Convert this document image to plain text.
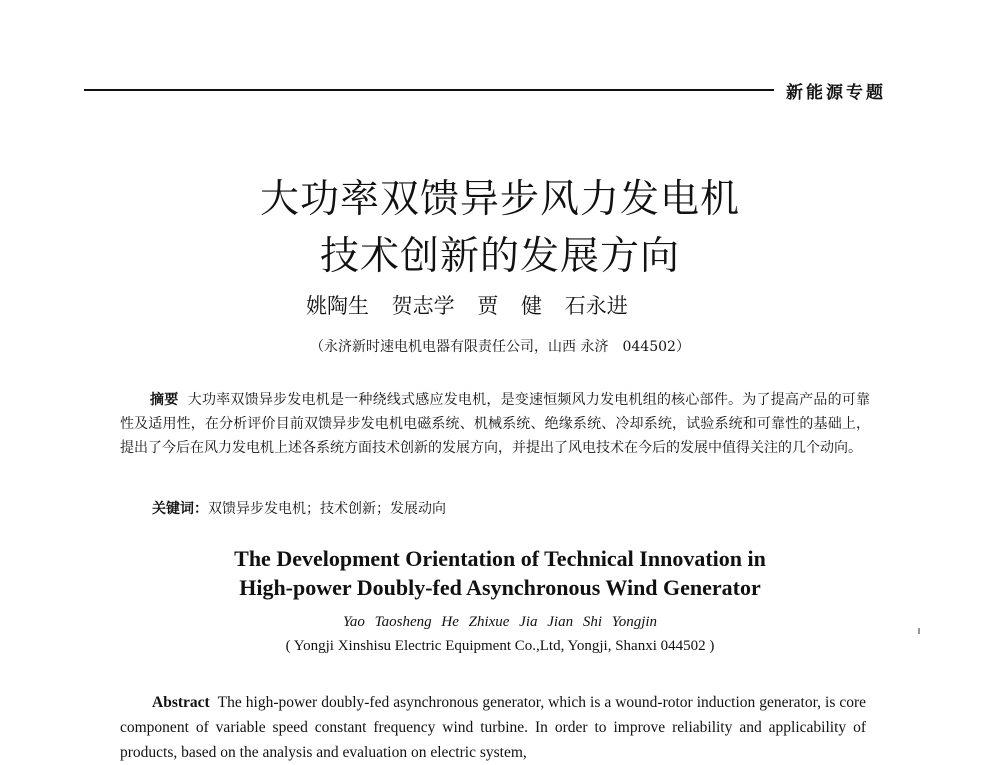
新能源专题
大功率双馈异步风力发电机
技术创新的发展方向
姚陶生 贺志学 贾 健 石永进
（永济新时速电机电器有限责任公司，山西 永济　044502）
摘要 大功率双馈异步发电机是一种绕线式感应发电机，是变速恒频风力发电机组的核心部件。为了提高产品的可靠性及适用性，在分析评价目前双馈异步发电机电磁系统、机械系统、绝缘系统、冷却系统，试验系统和可靠性的基础上，提出了今后在风力发电机上述各系统方面技术创新的发展方向，并提出了风电技术在今后的发展中值得关注的几个动向。
关键词：双馈异步发电机；技术创新；发展动向
The Development Orientation of Technical Innovation in
High-power Doubly-fed Asynchronous Wind Generator
Yao Taosheng He Zhixue Jia Jian Shi Yongjin
( Yongji Xinshisu Electric Equipment Co.,Ltd, Yongji, Shanxi 044502 )
Abstract The high-power doubly-fed asynchronous generator, which is a wound-rotor induction generator, is core component of variable speed constant frequency wind turbine. In order to improve reliability and applicability of products, based on the analysis and evaluation on electric system,
